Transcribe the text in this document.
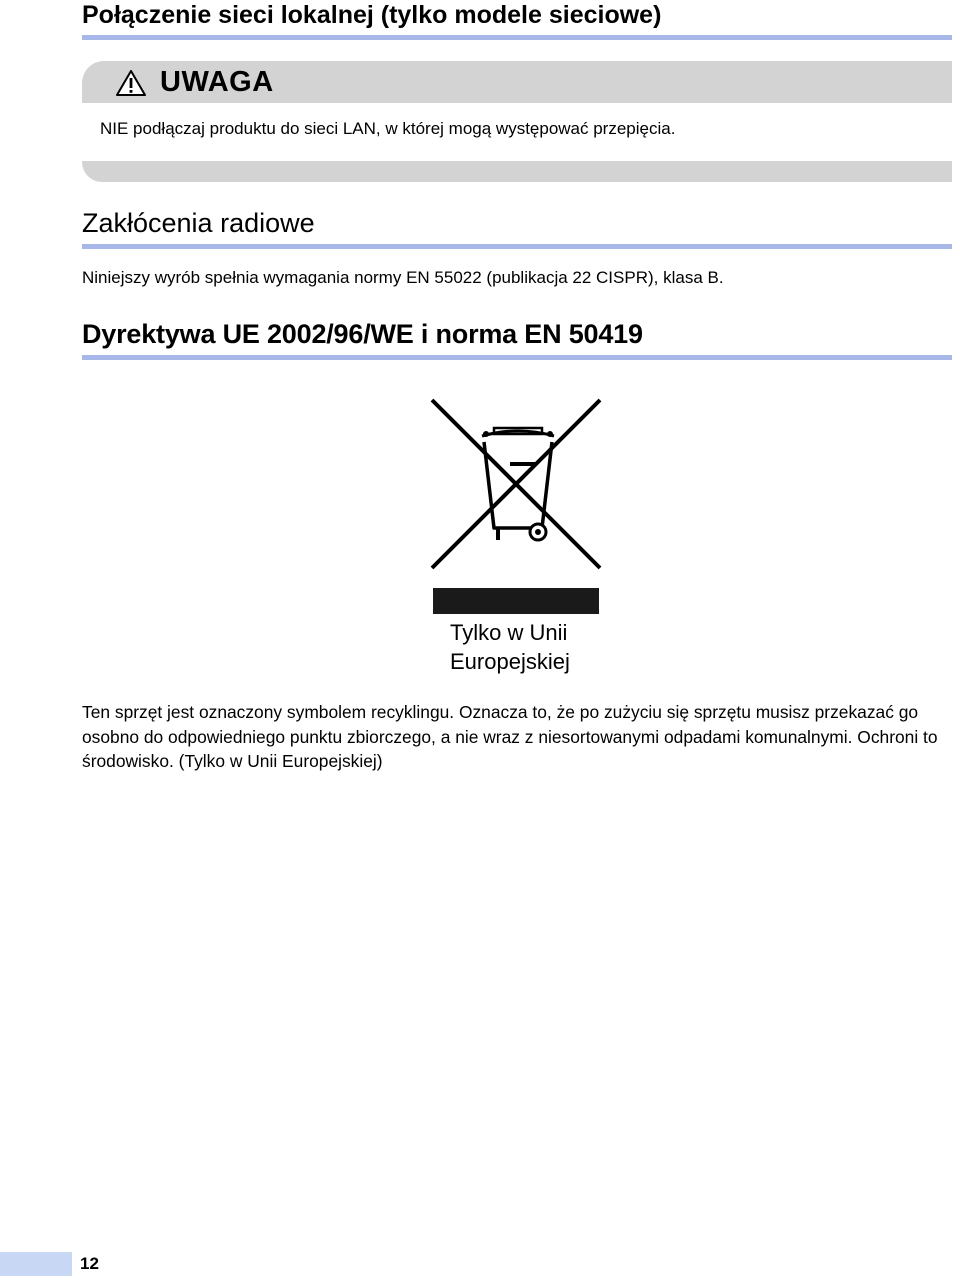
Połączenie sieci lokalnej (tylko modele sieciowe)
UWAGA
NIE podłączaj produktu do sieci LAN, w której mogą występować przepięcia.
Zakłócenia radiowe
Niniejszy wyrób spełnia wymagania normy EN 55022 (publikacja 22 CISPR), klasa B.
Dyrektywa UE 2002/96/WE i norma EN 50419
Tylko w Unii
Europejskiej
Ten sprzęt jest oznaczony symbolem recyklingu. Oznacza to, że po zużyciu się sprzętu musisz przekazać go osobno do odpowiedniego punktu zbiorczego, a nie wraz z niesortowanymi odpadami komunalnymi. Ochroni to środowisko. (Tylko w Unii Europejskiej)
12
